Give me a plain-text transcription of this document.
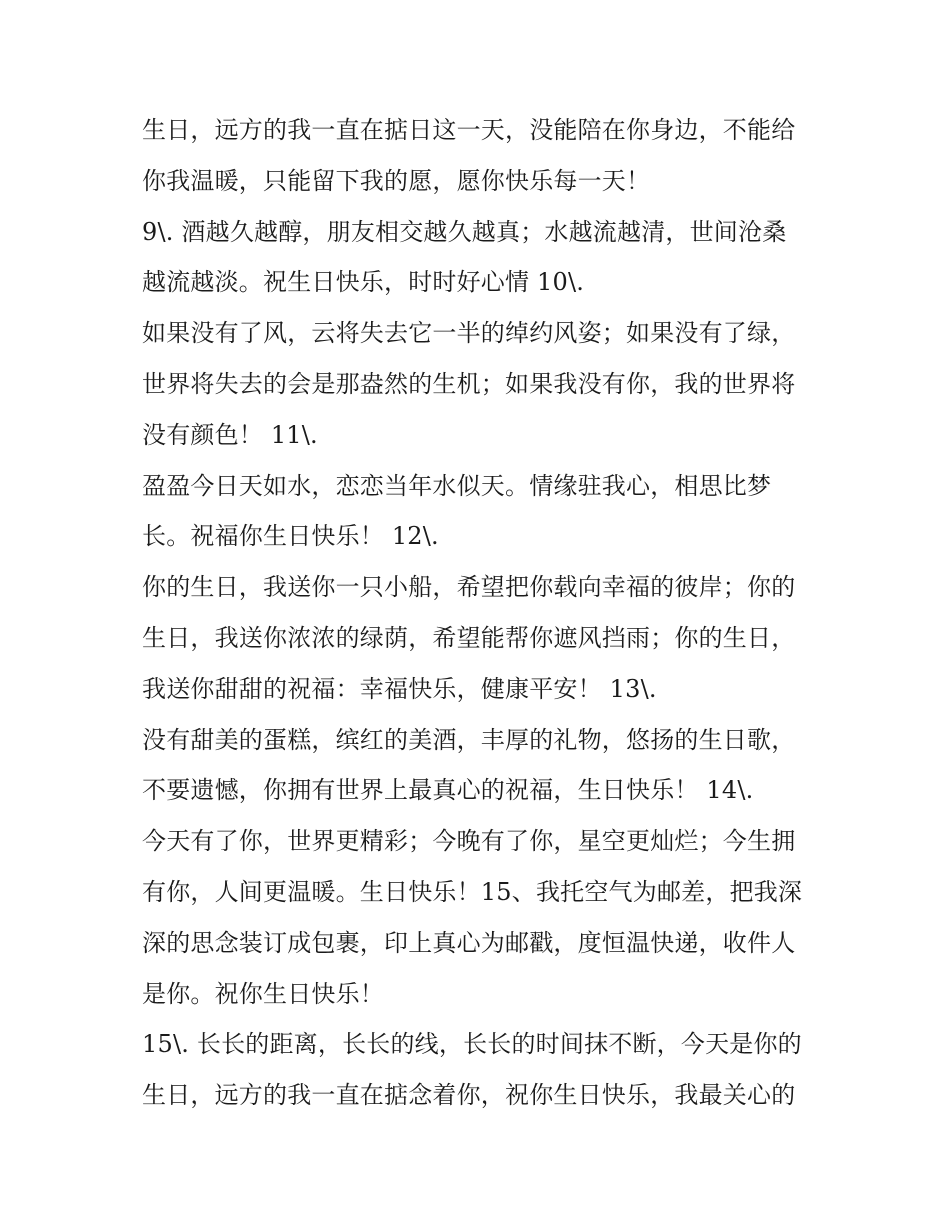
生日，远方的我一直在掂日这一天，没能陪在你身边，不能给
你我温暖，只能留下我的愿，愿你快乐每一天！
9\. 酒越久越醇，朋友相交越久越真；水越流越清，世间沧桑
越流越淡。祝生日快乐，时时好心情 10\.
如果没有了风，云将失去它一半的绰约风姿；如果没有了绿，
世界将失去的会是那盎然的生机；如果我没有你，我的世界将
没有颜色！ 11\.
盈盈今日天如水，恋恋当年水似天。情缘驻我心，相思比梦
长。祝福你生日快乐！ 12\.
你的生日，我送你一只小船，希望把你载向幸福的彼岸；你的
生日，我送你浓浓的绿荫，希望能帮你遮风挡雨；你的生日，
我送你甜甜的祝福：幸福快乐，健康平安！ 13\.
没有甜美的蛋糕，缤红的美酒，丰厚的礼物，悠扬的生日歌，
不要遗憾，你拥有世界上最真心的祝福，生日快乐！ 14\.
今天有了你，世界更精彩；今晚有了你，星空更灿烂；今生拥
有你，人间更温暖。生日快乐！15、我托空气为邮差，把我深
深的思念装订成包裹，印上真心为邮戳，度恒温快递，收件人
是你。祝你生日快乐！
15\. 长长的距离，长长的线，长长的时间抹不断，今天是你的
生日，远方的我一直在掂念着你，祝你生日快乐，我最关心的
